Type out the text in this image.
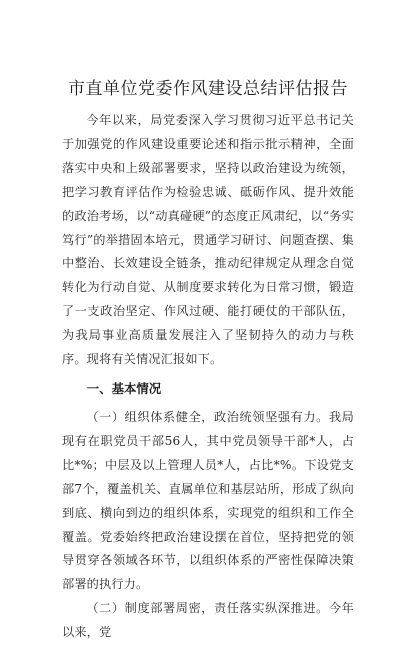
市直单位党委作风建设总结评估报告

今年以来，局党委深入学习贯彻习近平总书记关于加强党的作风建设重要论述和指示批示精神，全面落实中央和上级部署要求，坚持以政治建设为统领，把学习教育评估作为检验忠诚、砥砺作风、提升效能的政治考场，以“动真碰硬”的态度正风肃纪，以“务实笃行”的举措固本培元，贯通学习研讨、问题查摆、集中整治、长效建设全链条，推动纪律规定从理念自觉转化为行动自觉、从制度要求转化为日常习惯，锻造了一支政治坚定、作风过硬、能打硬仗的干部队伍，为我局事业高质量发展注入了坚韧持久的动力与秩序。现将有关情况汇报如下。

一、基本情况

（一）组织体系健全，政治统领坚强有力。我局现有在职党员干部56人，其中党员领导干部*人，占比*%；中层及以上管理人员*人，占比*%。下设党支部7个，覆盖机关、直属单位和基层站所，形成了纵向到底、横向到边的组织体系，实现党的组织和工作全覆盖。党委始终把政治建设摆在首位，坚持把党的领导贯穿各领域各环节，以组织体系的严密性保障决策部署的执行力。

（二）制度部署周密，责任落实纵深推进。今年以来，党
